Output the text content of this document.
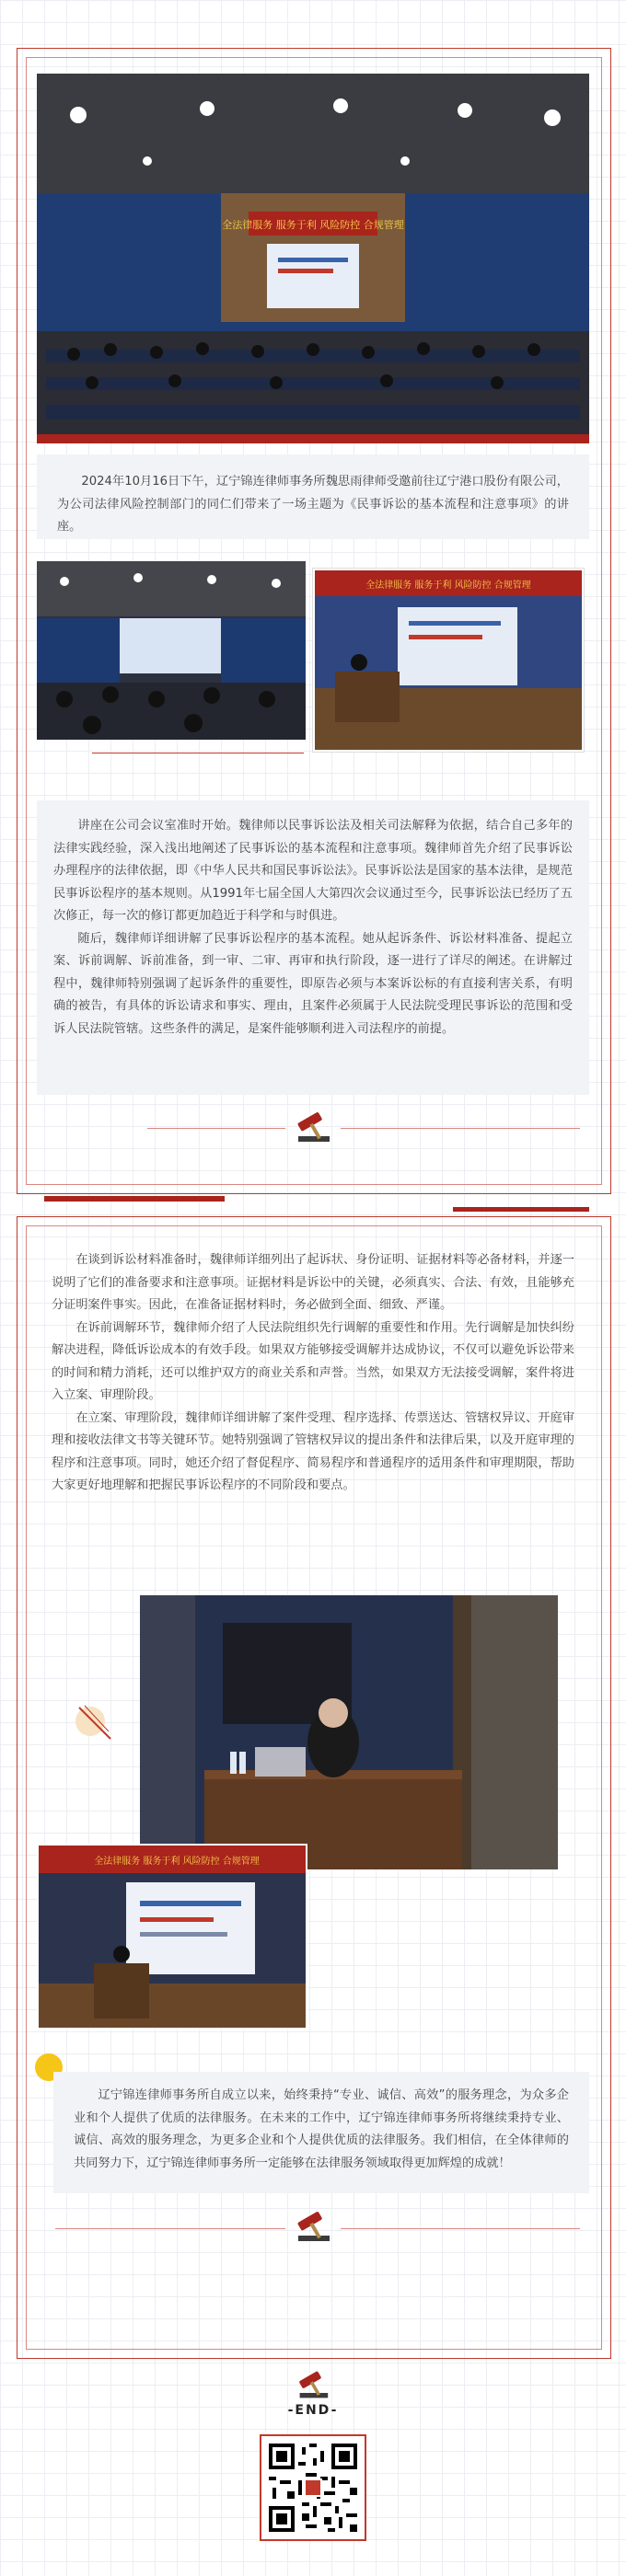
全法律服务 服务于利 风险防控 合规管理

2024年10月16日下午，辽宁锦连律师事务所魏思雨律师受邀前往辽宁港口股份有限公司，为公司法律风险控制部门的同仁们带来了一场主题为《民事诉讼的基本流程和注意事项》的讲座。

全法律服务 服务于利 风险防控 合规管理

讲座在公司会议室准时开始。魏律师以民事诉讼法及相关司法解释为依据，结合自己多年的法律实践经验，深入浅出地阐述了民事诉讼的基本流程和注意事项。魏律师首先介绍了民事诉讼办理程序的法律依据，即《中华人民共和国民事诉讼法》。民事诉讼法是国家的基本法律，是规范民事诉讼程序的基本规则。从1991年七届全国人大第四次会议通过至今，民事诉讼法已经历了五次修正，每一次的修订都更加趋近于科学和与时俱进。

随后，魏律师详细讲解了民事诉讼程序的基本流程。她从起诉条件、诉讼材料准备、提起立案、诉前调解、诉前准备，到一审、二审、再审和执行阶段，逐一进行了详尽的阐述。在讲解过程中，魏律师特别强调了起诉条件的重要性，即原告必须与本案诉讼标的有直接利害关系，有明确的被告，有具体的诉讼请求和事实、理由，且案件必须属于人民法院受理民事诉讼的范围和受诉人民法院管辖。这些条件的满足，是案件能够顺利进入司法程序的前提。

在谈到诉讼材料准备时，魏律师详细列出了起诉状、身份证明、证据材料等必备材料，并逐一说明了它们的准备要求和注意事项。证据材料是诉讼中的关键，必须真实、合法、有效，且能够充分证明案件事实。因此，在准备证据材料时，务必做到全面、细致、严谨。

在诉前调解环节，魏律师介绍了人民法院组织先行调解的重要性和作用。先行调解是加快纠纷解决进程，降低诉讼成本的有效手段。如果双方能够接受调解并达成协议，不仅可以避免诉讼带来的时间和精力消耗，还可以维护双方的商业关系和声誉。当然，如果双方无法接受调解，案件将进入立案、审理阶段。

在立案、审理阶段，魏律师详细讲解了案件受理、程序选择、传票送达、管辖权异议、开庭审理和接收法律文书等关键环节。她特别强调了管辖权异议的提出条件和法律后果，以及开庭审理的程序和注意事项。同时，她还介绍了督促程序、简易程序和普通程序的适用条件和审理期限，帮助大家更好地理解和把握民事诉讼程序的不同阶段和要点。

全法律服务 服务于利 风险防控 合规管理

辽宁锦连律师事务所自成立以来，始终秉持“专业、诚信、高效”的服务理念，为众多企业和个人提供了优质的法律服务。在未来的工作中，辽宁锦连律师事务所将继续秉持专业、诚信、高效的服务理念，为更多企业和个人提供优质的法律服务。我们相信，在全体律师的共同努力下，辽宁锦连律师事务所一定能够在法律服务领域取得更加辉煌的成就！

-END-
